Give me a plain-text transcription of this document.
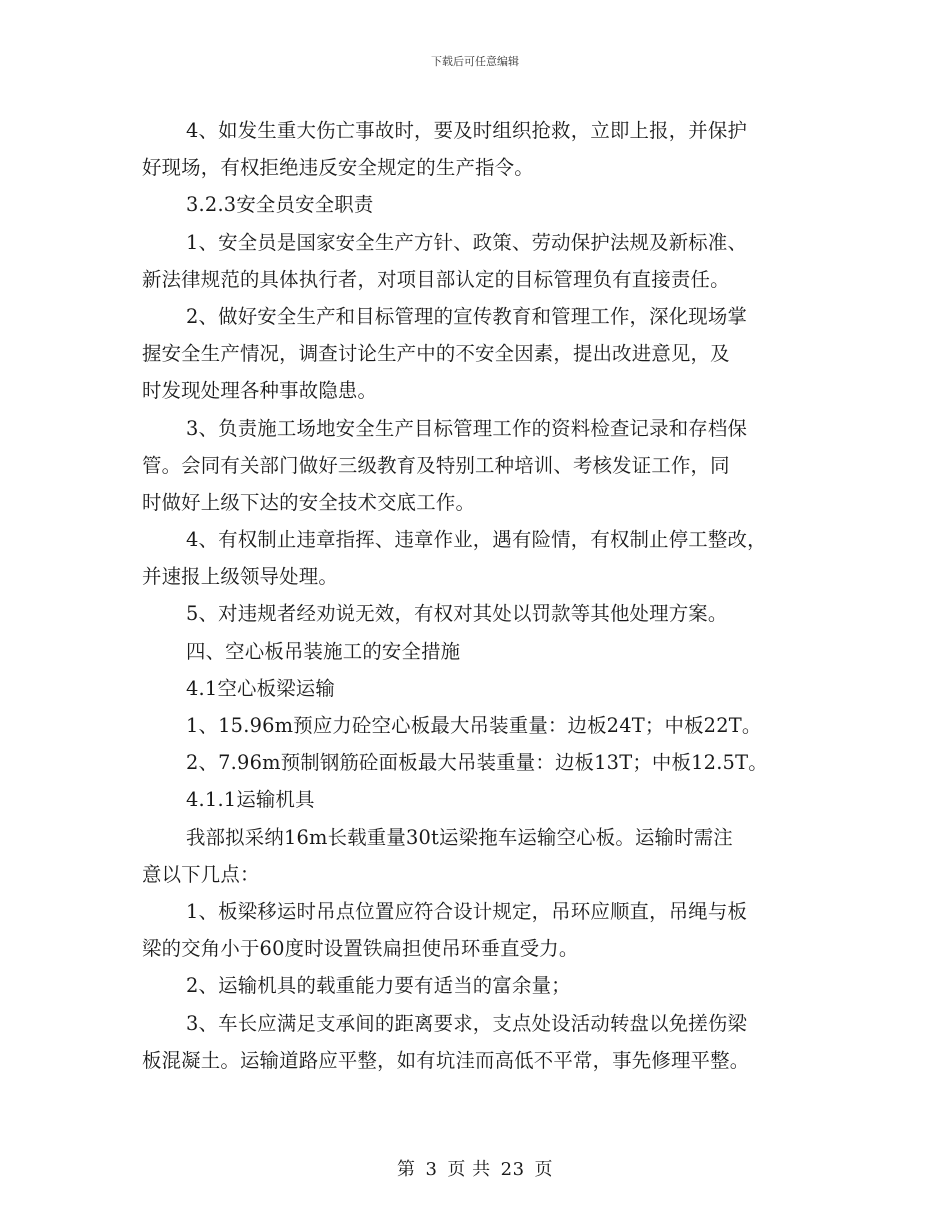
下载后可任意编辑
4、如发生重大伤亡事故时，要及时组织抢救，立即上报，并保护
好现场，有权拒绝违反安全规定的生产指令。
3.2.3安全员安全职责
1、安全员是国家安全生产方针、政策、劳动保护法规及新标准、
新法律规范的具体执行者，对项目部认定的目标管理负有直接责任。
2、做好安全生产和目标管理的宣传教育和管理工作，深化现场掌
握安全生产情况，调查讨论生产中的不安全因素，提出改进意见，及
时发现处理各种事故隐患。
3、负责施工场地安全生产目标管理工作的资料检查记录和存档保
管。会同有关部门做好三级教育及特别工种培训、考核发证工作，同
时做好上级下达的安全技术交底工作。
4、有权制止违章指挥、违章作业，遇有险情，有权制止停工整改，
并速报上级领导处理。
5、对违规者经劝说无效，有权对其处以罚款等其他处理方案。
四、空心板吊装施工的安全措施
4.1空心板梁运输
1、15.96m预应力砼空心板最大吊装重量：边板24T；中板22T。
2、7.96m预制钢筋砼面板最大吊装重量：边板13T；中板12.5T。
4.1.1运输机具
我部拟采纳16m长载重量30t运梁拖车运输空心板。运输时需注
意以下几点：
1、板梁移运时吊点位置应符合设计规定，吊环应顺直，吊绳与板
梁的交角小于60度时设置铁扁担使吊环垂直受力。
2、运输机具的载重能力要有适当的富余量；
3、车长应满足支承间的距离要求，支点处设活动转盘以免搓伤梁
板混凝土。运输道路应平整，如有坑洼而高低不平常，事先修理平整。
第 3 页 共 23 页
